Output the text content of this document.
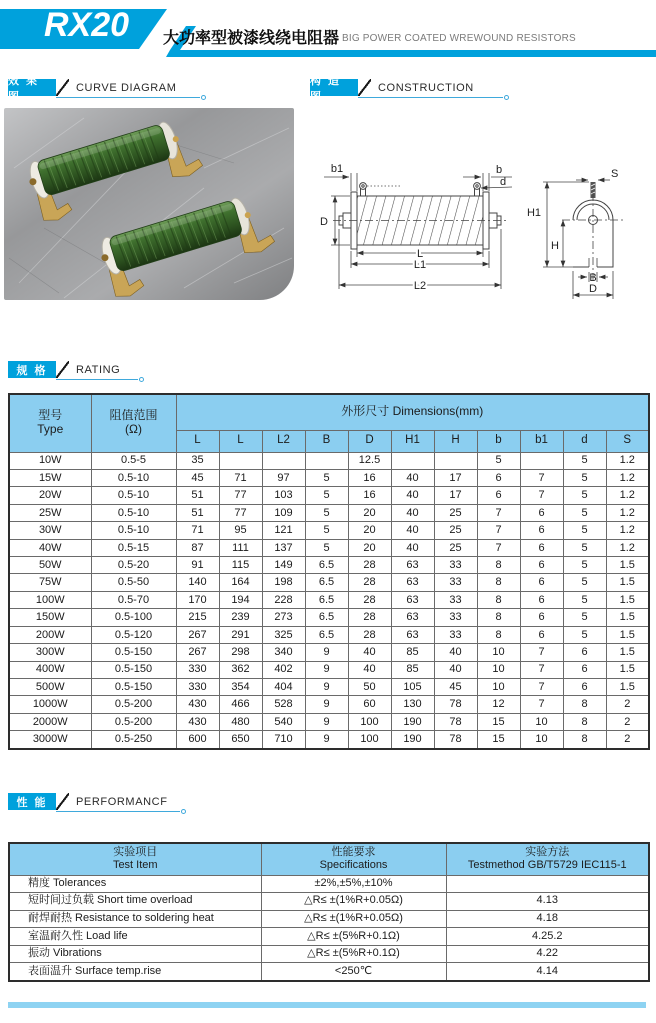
RX20 大功率型被漆线绕电阻器 BIG POWER COATED WREWOUND RESISTORS
效 果 图
CURVE DIAGRAM
构 造 图
CONSTRUCTION
b1	b
d
D
L
L1
L2
H1
H
S
B
D
规 格	RATING
型号
Type

阻值范围
(Ω)
	外形尺寸 Dimensions(mm)
		L	L	L2	B	D	H1	H	b	b1	d	S
10W	0.5-5	35				12.5			5		5	1.2
15W	0.5-10	45	71	97	5	16	40	17	6	7	5	1.2
20W	0.5-10	51	77	103	5	16	40	17	6	7	5	1.2
25W	0.5-10	51	77	109	5	20	40	25	7	6	5	1.2
30W	0.5-10	71	95	121	5	20	40	25	7	6	5	1.2
40W	0.5-15	87	111	137	5	20	40	25	7	6	5	1.2
50W	0.5-20	91	115	149	6.5	28	63	33	8	6	5	1.5
75W	0.5-50	140	164	198	6.5	28	63	33	8	6	5	1.5
100W	0.5-70	170	194	228	6.5	28	63	33	8	6	5	1.5
150W	0.5-100	215	239	273	6.5	28	63	33	8	6	5	1.5
200W	0.5-120	267	291	325	6.5	28	63	33	8	6	5	1.5
300W	0.5-150	267	298	340	9	40	85	40	10	7	6	1.5
400W	0.5-150	330	362	402	9	40	85	40	10	7	6	1.5
500W	0.5-150	330	354	404	9	50	105	45	10	7	6	1.5
1000W	0.5-200	430	466	528	9	60	130	78	12	7	8	2
2000W	0.5-200	430	480	540	9	100	190	78	15	10	8	2
3000W	0.5-250	600	650	710	9	100	190	78	15	10	8	2
性 能	PERFORMANCF
实验项目
Test Item

性能要求
Specifications

实验方法
Testmethod GB/T5729 IEC115-1

精度 Tolerances	±2%,±5%,±10%	
短时间过负载 Short time overload	△R≤ ±(1%R+0.05Ω)	4.13
耐焊耐热 Resistance to soldering heat	△R≤ ±(1%R+0.05Ω)	4.18
室温耐久性 Load life	△R≤ ±(5%R+0.1Ω)	4.25.2
振动 Vibrations	△R≤ ±(5%R+0.1Ω)	4.22
表面温升 Surface temp.rise	<250℃	4.14
